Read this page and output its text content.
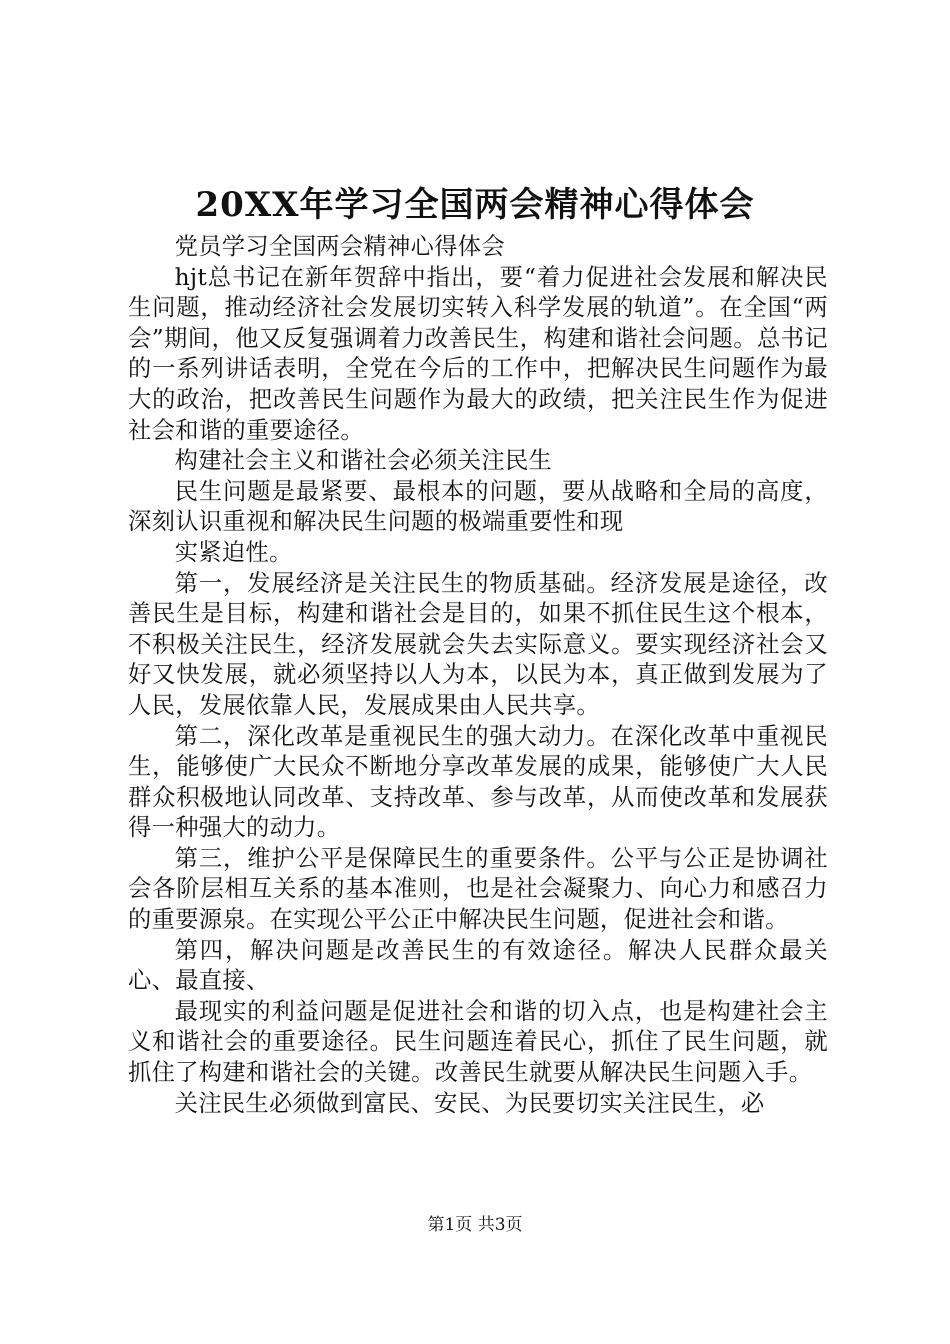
20XX年学习全国两会精神心得体会

党员学习全国两会精神心得体会

hjt总书记在新年贺辞中指出，要“着力促进社会发展和解决民生问题，推动经济社会发展切实转入科学发展的轨道”。在全国“两会”期间，他又反复强调着力改善民生，构建和谐社会问题。总书记的一系列讲话表明，全党在今后的工作中，把解决民生问题作为最大的政治，把改善民生问题作为最大的政绩，把关注民生作为促进社会和谐的重要途径。

构建社会主义和谐社会必须关注民生

民生问题是最紧要、最根本的问题，要从战略和全局的高度，深刻认识重视和解决民生问题的极端重要性和现

实紧迫性。

第一，发展经济是关注民生的物质基础。经济发展是途径，改善民生是目标，构建和谐社会是目的，如果不抓住民生这个根本，不积极关注民生，经济发展就会失去实际意义。要实现经济社会又好又快发展，就必须坚持以人为本，以民为本，真正做到发展为了人民，发展依靠人民，发展成果由人民共享。

第二，深化改革是重视民生的强大动力。在深化改革中重视民生，能够使广大民众不断地分享改革发展的成果，能够使广大人民群众积极地认同改革、支持改革、参与改革，从而使改革和发展获得一种强大的动力。

第三，维护公平是保障民生的重要条件。公平与公正是协调社会各阶层相互关系的基本准则，也是社会凝聚力、向心力和感召力的重要源泉。在实现公平公正中解决民生问题，促进社会和谐。

第四，解决问题是改善民生的有效途径。解决人民群众最关心、最直接、

最现实的利益问题是促进社会和谐的切入点，也是构建社会主义和谐社会的重要途径。民生问题连着民心，抓住了民生问题，就抓住了构建和谐社会的关键。改善民生就要从解决民生问题入手。

关注民生必须做到富民、安民、为民要切实关注民生，必

第1页 共3页
